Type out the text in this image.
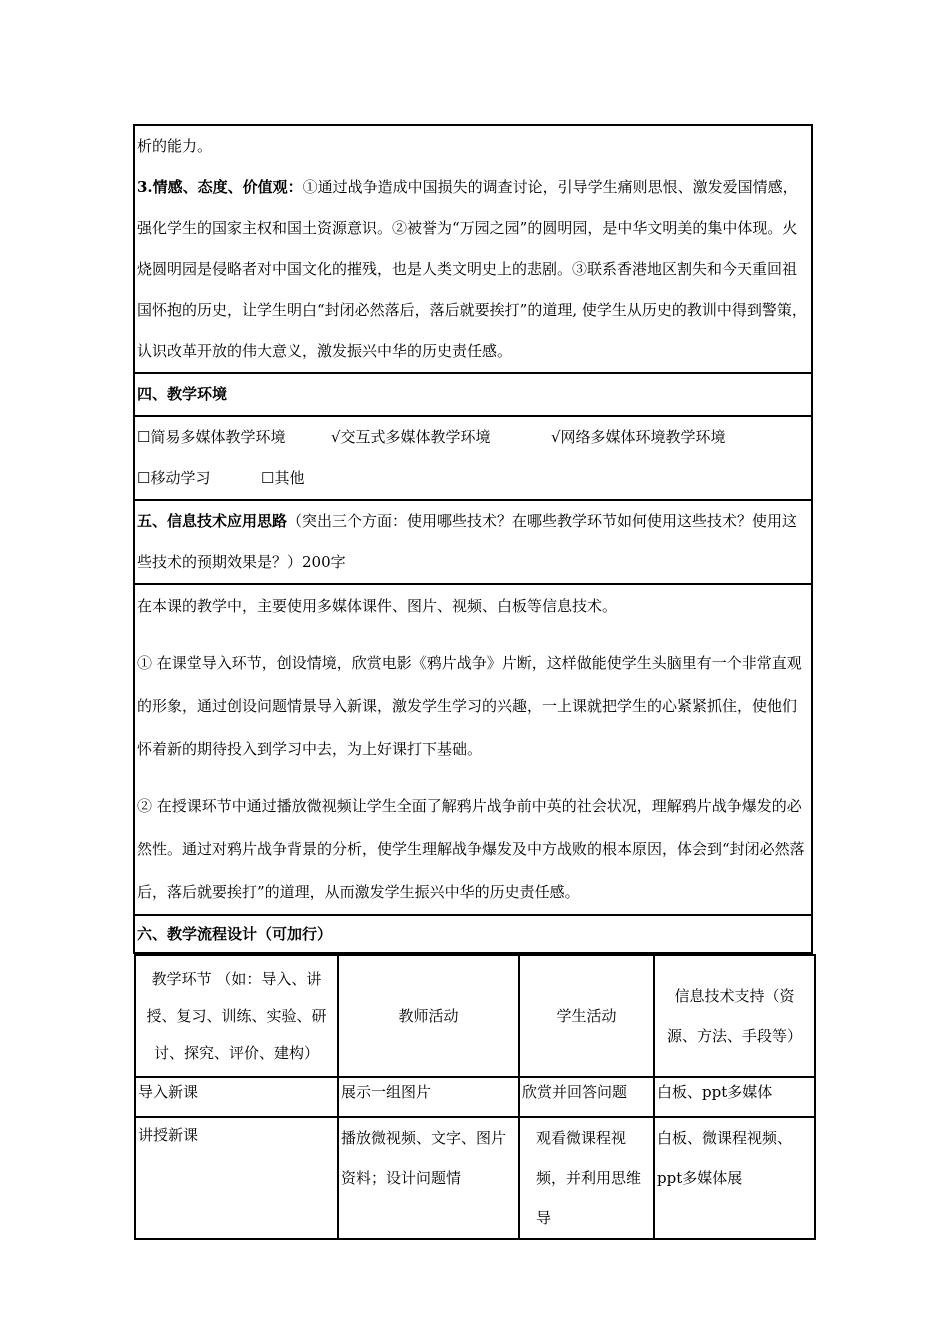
析的能力。

3.情感、态度、价值观：①通过战争造成中国损失的调查讨论，引导学生痛则思恨、激发爱国情感，强化学生的国家主权和国土资源意识。②被誉为“万园之园”的圆明园，是中华文明美的集中体现。火烧圆明园是侵略者对中国文化的摧残，也是人类文明史上的悲剧。③联系香港地区割失和今天重回祖国怀抱的历史，让学生明白“封闭必然落后，落后就要挨打”的道理, 使学生从历史的教训中得到警策，认识改革开放的伟大意义，激发振兴中华的历史责任感。

四、教学环境

☐简易多媒体教学环境	√交互式多媒体教学环境	√网络多媒体环境教学环境
☐移动学习	☐其他

五、信息技术应用思路（突出三个方面：使用哪些技术？在哪些教学环节如何使用这些技术？使用这些技术的预期效果是？）200字

在本课的教学中，主要使用多媒体课件、图片、视频、白板等信息技术。

① 在课堂导入环节，创设情境，欣赏电影《鸦片战争》片断，这样做能使学生头脑里有一个非常直观的形象，通过创设问题情景导入新课，激发学生学习的兴趣，一上课就把学生的心紧紧抓住，使他们怀着新的期待投入到学习中去，为上好课打下基础。

② 在授课环节中通过播放微视频让学生全面了解鸦片战争前中英的社会状况，理解鸦片战争爆发的必然性。通过对鸦片战争背景的分析，使学生理解战争爆发及中方战败的根本原因，体会到“封闭必然落后，落后就要挨打”的道理，从而激发学生振兴中华的历史责任感。

六、教学流程设计（可加行）

教学环节 （如：导入、讲授、复习、训练、实验、研讨、探究、评价、建构）	教师活动	学生活动	信息技术支持（资源、方法、手段等）
导入新课	展示一组图片	欣赏并回答问题	白板、ppt多媒体
讲授新课	播放微视频、文字、图片资料；设计问题情	观看微课程视频，并利用思维导	白板、微课程视频、ppt多媒体展
